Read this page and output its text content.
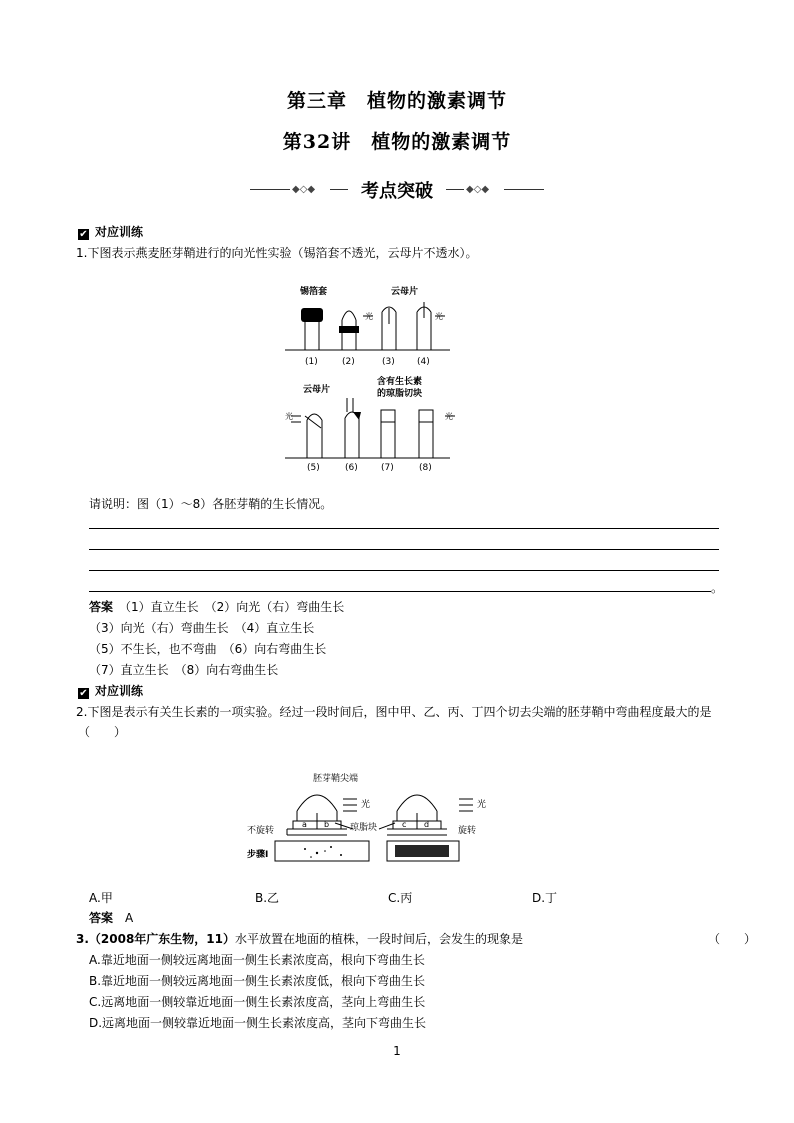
第三章　植物的激素调节
第32讲　植物的激素调节
◆◇◆	考点突破	◆◇◆
✔ 对应训练
1.下图表示燕麦胚芽鞘进行的向光性实验（锡箔套不透光，云母片不透水）。
锡箔套	云母片
光	光
云母片
含有生长素
的琼脂切块
光	光
(1)	(2)	(3) (4)
(5)	(6)	(7)	(8)
请说明：图（1）～8）各胚芽鞘的生长情况。
。
答案　 （1）直立生长　（2）向光（右）弯曲生长
（3）向光（右）弯曲生长　（4）直立生长
（5）不生长，也不弯曲　（6）向右弯曲生长
（7）直立生长　（8）向右弯曲生长
✔ 对应训练
2.下图是表示有关生长素的一项实验。经过一段时间后，图中甲、乙、丙、丁四个切去尖端的胚芽鞘中弯曲程度最大的是
（　　）
胚芽鞘尖端
光	光
琼脂块
不旋转	旋转
步骤Ⅰ
a b	c d
A.甲	B.乙	C.丙	D.丁
答案　 A
3.（2008年广东生物，11）水平放置在地面的植株，一段时间后，会发生的现象是	（　　）
A.靠近地面一侧较远离地面一侧生长素浓度高，根向下弯曲生长
B.靠近地面一侧较远离地面一侧生长素浓度低，根向下弯曲生长
C.远离地面一侧较靠近地面一侧生长素浓度高，茎向上弯曲生长
D.远离地面一侧较靠近地面一侧生长素浓度高，茎向下弯曲生长
1
